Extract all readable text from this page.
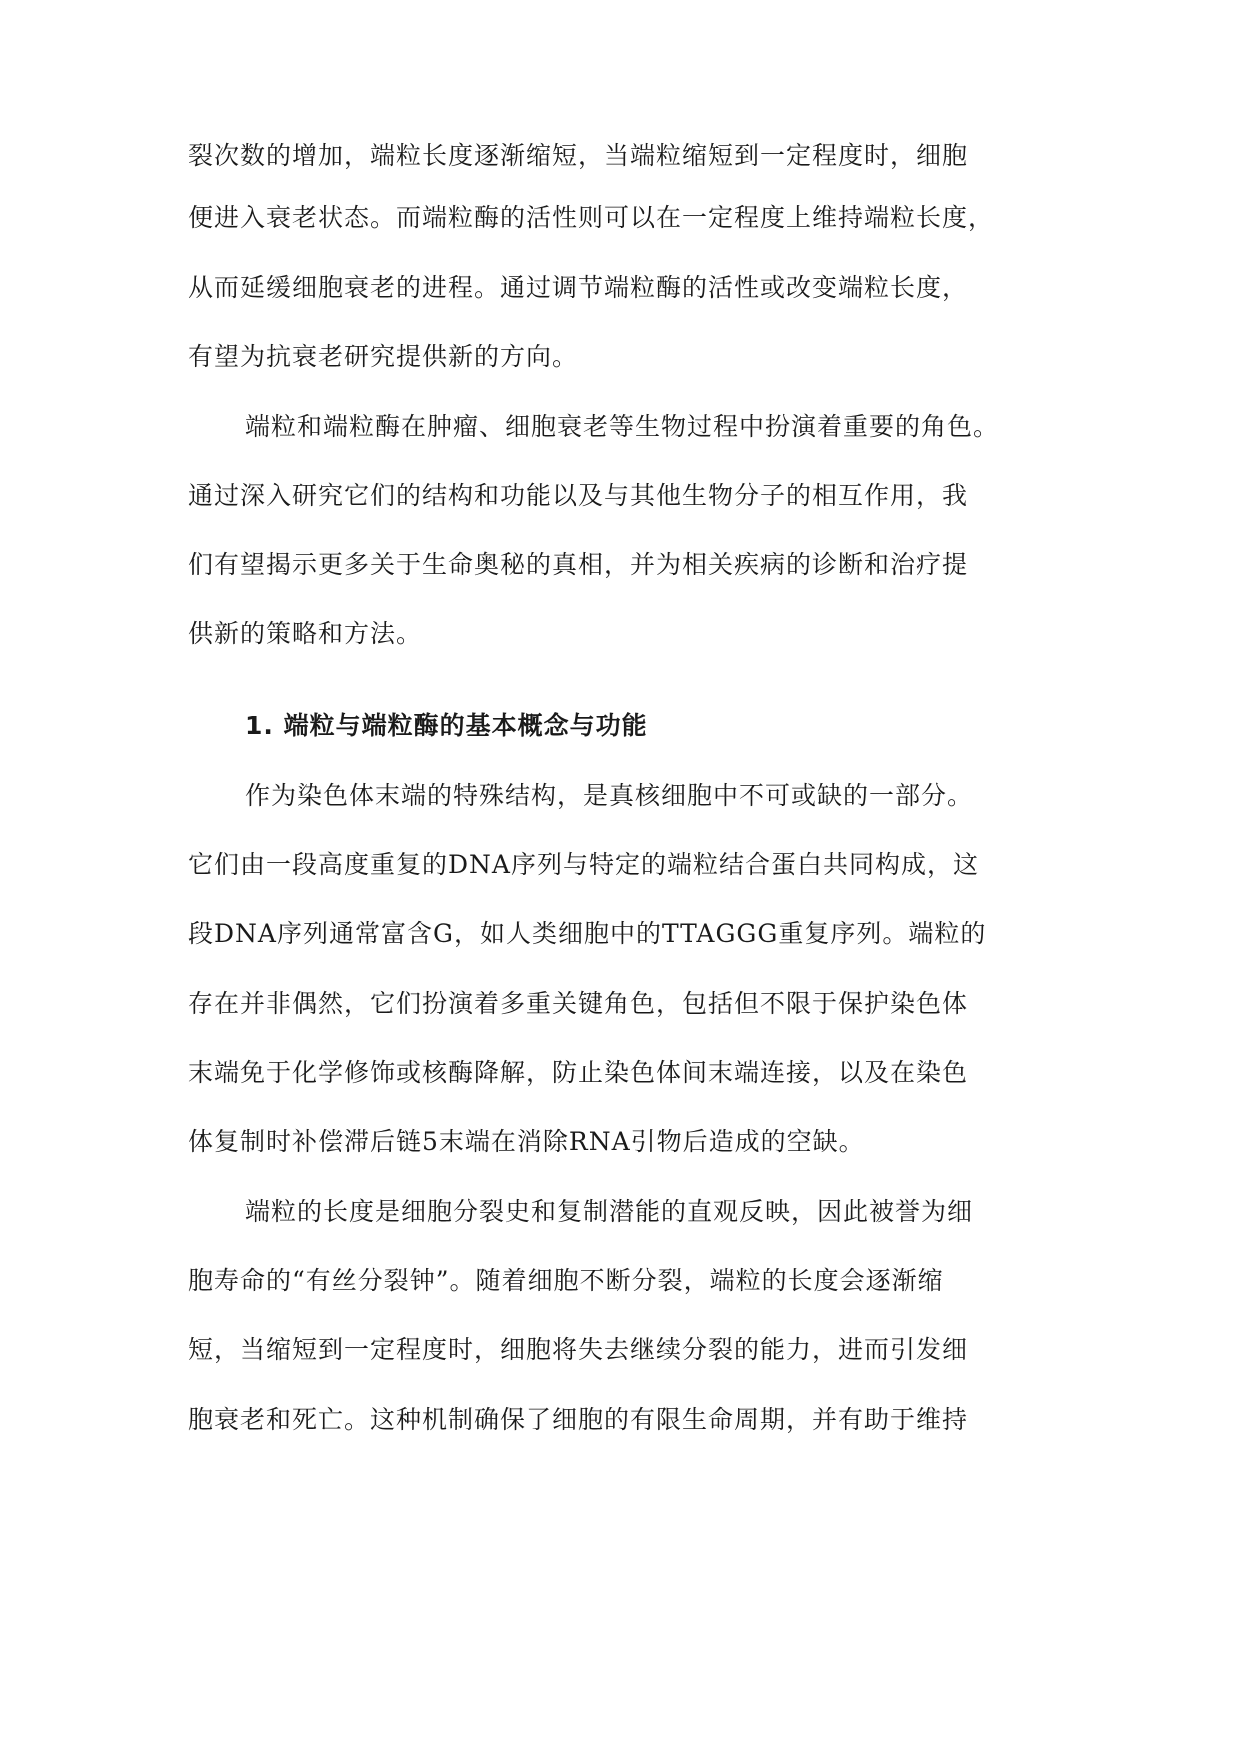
裂次数的增加，端粒长度逐渐缩短，当端粒缩短到一定程度时，细胞
便进入衰老状态。而端粒酶的活性则可以在一定程度上维持端粒长度，
从而延缓细胞衰老的进程。通过调节端粒酶的活性或改变端粒长度，
有望为抗衰老研究提供新的方向。
端粒和端粒酶在肿瘤、细胞衰老等生物过程中扮演着重要的角色。
通过深入研究它们的结构和功能以及与其他生物分子的相互作用，我
们有望揭示更多关于生命奥秘的真相，并为相关疾病的诊断和治疗提
供新的策略和方法。
1. 端粒与端粒酶的基本概念与功能
作为染色体末端的特殊结构，是真核细胞中不可或缺的一部分。
它们由一段高度重复的DNA序列与特定的端粒结合蛋白共同构成，这
段DNA序列通常富含G，如人类细胞中的TTAGGG重复序列。端粒的
存在并非偶然，它们扮演着多重关键角色，包括但不限于保护染色体
末端免于化学修饰或核酶降解，防止染色体间末端连接，以及在染色
体复制时补偿滞后链5末端在消除RNA引物后造成的空缺。
端粒的长度是细胞分裂史和复制潜能的直观反映，因此被誉为细
胞寿命的“有丝分裂钟”。随着细胞不断分裂，端粒的长度会逐渐缩
短，当缩短到一定程度时，细胞将失去继续分裂的能力，进而引发细
胞衰老和死亡。这种机制确保了细胞的有限生命周期，并有助于维持
